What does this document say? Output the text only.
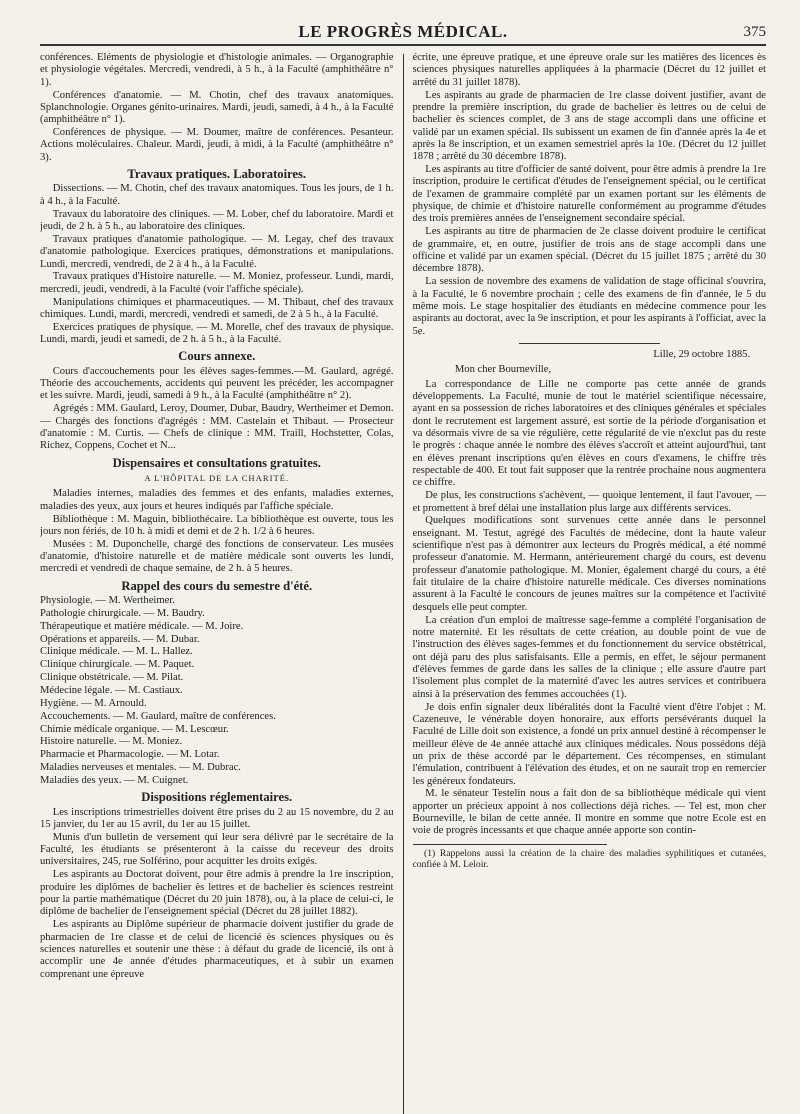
LE PROGRÈS MÉDICAL.	375

conférences. Eléments de physiologie et d'histologie animales. — Organographie et physiologie végétales. Mercredi, vendredi, à 5 h., à la Faculté (amphithéâtre n° 1).

Conférences d'anatomie. — M. Chotin, chef des travaux anatomiques. Splanchnologie. Organes génito-urinaires. Mardi, jeudi, samedi, à 4 h., à la Faculté (amphithéâtre n° 1).

Conférences de physique. — M. Doumer, maître de conférences. Pesanteur. Actions moléculaires. Chaleur. Mardi, jeudi, à midi, à la Faculté (amphithéâtre n° 3).

Travaux pratiques. Laboratoires.

Dissections. — M. Chotin, chef des travaux anatomiques. Tous les jours, de 1 h. à 4 h., à la Faculté.

Travaux du laboratoire des cliniques. — M. Lober, chef du laboratoire. Mardi et jeudi, de 2 h. à 5 h., au laboratoire des cliniques.

Travaux pratiques d'anatomie pathologique. — M. Legay, chef des travaux d'anatomie pathologique. Exercices pratiques, démonstrations et manipulations. Lundi, mercredi, vendredi, de 2 à 4 h., à la Faculté.

Travaux pratiques d'Histoire naturelle. — M. Moniez, professeur. Lundi, mardi, mercredi, jeudi, vendredi, à la Faculté (voir l'affiche spéciale).

Manipulations chimiques et pharmaceutiques. — M. Thibaut, chef des travaux chimiques. Lundi, mardi, mercredi, vendredi et samedi, de 2 à 5 h., à la Faculté.

Exercices pratiques de physique. — M. Morelle, chef des travaux de physique. Lundi, mardi, jeudi et samedi, de 2 h. à 5 h., à la Faculté.

Cours annexe.

Cours d'accouchements pour les élèves sages-femmes.—M. Gaulard, agrégé. Théorie des accouchements, accidents qui peuvent les précéder, les accompagner et les suivre. Mardi, jeudi, samedi à 9 h., à la Faculté (amphithéâtre n° 2).

Agrégés : MM. Gaulard, Leroy, Doumer, Dubar, Baudry, Wertheimer et Demon. — Chargés des fonctions d'agrégés : MM. Castelain et Thibaut. — Prosecteur d'anatomie : M. Curtis. — Chefs de clinique : MM. Traill, Hochstetter, Colas, Richez, Coppens, Cochet et N...

Dispensaires et consultations gratuites.
A L'HÔPITAL DE LA CHARITÉ.

Maladies internes, maladies des femmes et des enfants, maladies externes, maladies des yeux, aux jours et heures indiqués par l'affiche spéciale.

Bibliothèque : M. Maguin, bibliothécaire. La bibliothèque est ouverte, tous les jours non fériés, de 10 h. à midi et demi et de 2 h. 1/2 à 6 heures.

Musées : M. Duponchelle, chargé des fonctions de conservateur. Les musées d'anatomie, d'histoire naturelle et de matière médicale sont ouverts les lundi, mercredi et vendredi de chaque semaine, de 2 h. à 5 heures.

Rappel des cours du semestre d'été.

Physiologie. — M. Wertheimer.

Pathologie chirurgicale. — M. Baudry.

Thérapeutique et matière médicale. — M. Joire.

Opérations et appareils. — M. Dubar.

Clinique médicale. — M. L. Hallez.

Clinique chirurgicale. — M. Paquet.

Clinique obstétricale. — M. Pilat.

Médecine légale. — M. Castiaux.

Hygiène. — M. Arnould.

Accouchements. — M. Gaulard, maître de conférences.

Chimie médicale organique. — M. Lescœur.

Histoire naturelle. — M. Moniez.

Pharmacie et Pharmacologie. — M. Lotar.

Maladies nerveuses et mentales. — M. Dubrac.

Maladies des yeux. — M. Cuignet.

Dispositions réglementaires.

Les inscriptions trimestrielles doivent être prises du 2 au 15 novembre, du 2 au 15 janvier, du 1er au 15 avril, du 1er au 15 juillet.

Munis d'un bulletin de versement qui leur sera délivré par le secrétaire de la Faculté, les étudiants se présenteront à la caisse du receveur des droits universitaires, 245, rue Solférino, pour acquitter les droits exigés.

Les aspirants au Doctorat doivent, pour être admis à prendre la 1re inscription, produire les diplômes de bachelier ès lettres et de bachelier ès sciences restreint pour la partie mathématique (Décret du 20 juin 1878), ou, à la place de celui-ci, le diplôme de bachelier de l'enseignement spécial (Décret du 28 juillet 1882).

Les aspirants au Diplôme supérieur de pharmacie doivent justifier du grade de pharmacien de 1re classe et de celui de licencié ès sciences physiques ou ès sciences naturelles et soutenir une thèse : à défaut du grade de licencié, ils ont à accomplir une 4e année d'études pharmaceutiques, et à subir un examen comprenant une épreuve

écrite, une épreuve pratique, et une épreuve orale sur les matières des licences ès sciences physiques naturelles appliquées à la pharmacie (Décret du 12 juillet et arrêté du 31 juillet 1878).

Les aspirants au grade de pharmacien de 1re classe doivent justifier, avant de prendre la première inscription, du grade de bachelier ès lettres ou de celui de bachelier ès sciences complet, de 3 ans de stage accompli dans une officine et validé par un examen spécial. Ils subissent un examen de fin d'année après la 4e et après la 8e inscription, et un examen semestriel après la 10e. (Décret du 12 juillet 1878 ; arrêté du 30 décembre 1878).

Les aspirants au titre d'officier de santé doivent, pour être admis à prendre la 1re inscription, produire le certificat d'études de l'enseignement spécial, ou le certificat de l'examen de grammaire complété par un examen portant sur les éléments de physique, de chimie et d'histoire naturelle conformément au programme d'études des trois premières années de l'enseignement secondaire spécial.

Les aspirants au titre de pharmacien de 2e classe doivent produire le certificat de grammaire, et, en outre, justifier de trois ans de stage accompli dans une officine et validé par un examen spécial. (Décret du 15 juillet 1875 ; arrêté du 30 décembre 1878).

La session de novembre des examens de validation de stage officinal s'ouvrira, à la Faculté, le 6 novembre prochain ; celle des examens de fin d'année, le 5 du même mois. Le stage hospitalier des étudiants en médecine commence pour les aspirants au doctorat, avec la 9e inscription, et pour les aspirants à l'officiat, avec la 5e.

Lille, 29 octobre 1885.
Mon cher Bourneville,

La correspondance de Lille ne comporte pas cette année de grands développements. La Faculté, munie de tout le matériel scientifique nécessaire, ayant en sa possession de riches laboratoires et des cliniques générales et spéciales dont le recrutement est largement assuré, est sortie de la période d'organisation et va désormais vivre de sa vie régulière, cette régularité de vie n'exclut pas du reste le progrès : chaque année le nombre des élèves s'accroît et atteint aujourd'hui, tant en élèves prenant inscriptions qu'en élèves en cours d'examens, le chiffre très respectable de 400. Et tout fait supposer que la rentrée prochaine nous augmentera ce chiffre.

De plus, les constructions s'achèvent, — quoique lentement, il faut l'avouer, — et promettent à bref délai une installation plus large aux différents services.

Quelques modifications sont survenues cette année dans le personnel enseignant. M. Testut, agrégé des Facultés de médecine, dont la haute valeur scientifique n'est pas à démontrer aux lecteurs du Progrès médical, a été nommé professeur d'anatomie. M. Hermann, antérieurement chargé du cours, est devenu professeur d'anatomie pathologique. M. Monier, également chargé du cours, a été fait titulaire de la chaire d'histoire naturelle médicale. Ces diverses nominations assurent à la Faculté le concours de jeunes maîtres sur la compétence et l'activité desquels elle peut compter.

La création d'un emploi de maîtresse sage-femme a complété l'organisation de notre maternité. Et les résultats de cette création, au double point de vue de l'instruction des élèves sages-femmes et du fonctionnement du service obstétrical, ont déjà paru des plus satisfaisants. Elle a permis, en effet, le séjour permanent d'élèves femmes de garde dans les salles de la clinique ; elle assure d'autre part l'isolement plus complet de la maternité d'avec les autres services et contribuera ainsi à la préservation des femmes accouchées (1).

Je dois enfin signaler deux libéralités dont la Faculté vient d'être l'objet : M. Cazeneuve, le vénérable doyen honoraire, aux efforts persévérants duquel la Faculté de Lille doit son existence, a fondé un prix annuel destiné à récompenser le meilleur élève de 4e année attaché aux cliniques médicales. Nous possédons déjà un prix de thèse accordé par le département. Ces récompenses, en stimulant l'émulation, contribuent à l'élévation des études, et on ne saurait trop en remercier les généreux fondateurs.

M. le sénateur Testelin nous a fait don de sa bibliothèque médicale qui vient apporter un précieux appoint à nos collections déjà riches. — Tel est, mon cher Bourneville, le bilan de cette année. Il montre en somme que notre Ecole est en voie de progrès incessants et que chaque année apporte son contin-

(1) Rappelons aussi la création de la chaire des maladies syphilitiques et cutanées, confiée à M. Leloir.
